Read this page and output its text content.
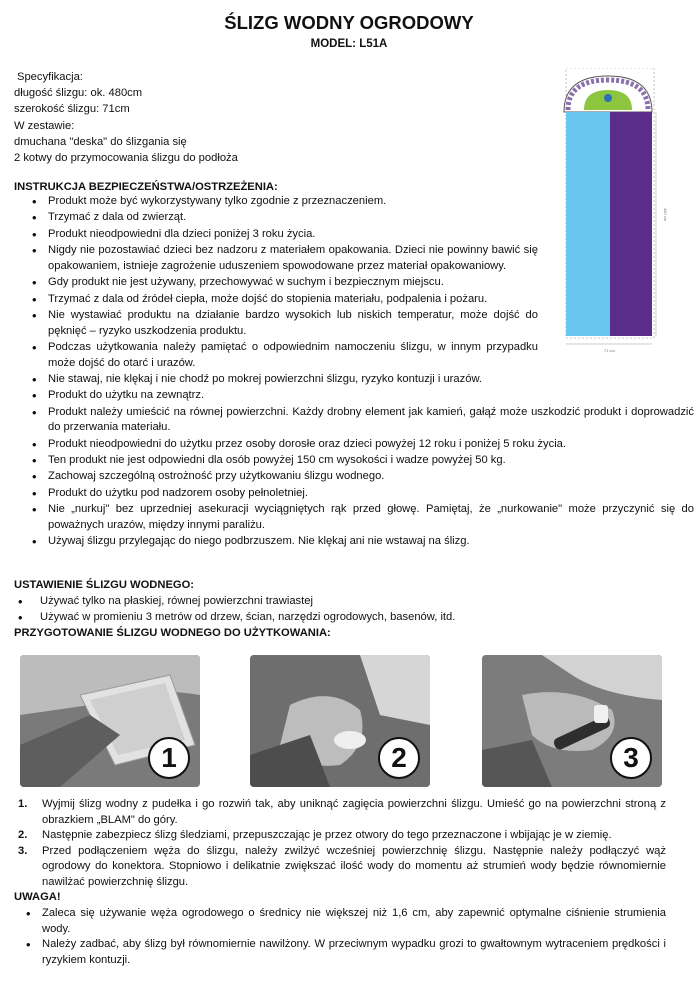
ŚLIZG WODNY OGRODOWY
MODEL: L51A
Specyfikacja:
długość ślizgu: ok. 480cm
szerokość ślizgu: 71cm
W zestawie:
dmuchana "deska" do ślizgania się
2 kotwy do przymocowania ślizgu do podłoża
480 cm
71 cm
INSTRUKCJA BEZPIECZEŃSTWA/OSTRZEŻENIA:
• Produkt może być wykorzystywany tylko zgodnie z przeznaczeniem.
• Trzymać z dala od zwierząt.
• Produkt nieodpowiedni dla dzieci poniżej 3 roku życia.
• Nigdy nie pozostawiać dzieci bez nadzoru z materiałem opakowania. Dzieci nie powinny bawić się opakowaniem, istnieje zagrożenie uduszeniem spowodowane przez materiał opakowaniowy.
• Gdy produkt nie jest używany, przechowywać w suchym i bezpiecznym miejscu.
• Trzymać z dala od źródeł ciepła, może dojść do stopienia materiału, podpalenia i pożaru.
• Nie wystawiać produktu na działanie bardzo wysokich lub niskich temperatur, może dojść do pęknięć – ryzyko uszkodzenia produktu.
• Podczas użytkowania należy pamiętać o odpowiednim namoczeniu ślizgu, w innym przypadku może dojść do otarć i urazów.
• Nie stawaj, nie klękaj i nie chodź po mokrej powierzchni ślizgu, ryzyko kontuzji i urazów.
• Produkt do użytku na zewnątrz.
• Produkt należy umieścić na równej powierzchni. Każdy drobny element jak kamień, gałąź może uszkodzić produkt i doprowadzić do przerwania materiału.
• Produkt nieodpowiedni do użytku przez osoby dorosłe oraz dzieci powyżej 12 roku i poniżej 5 roku życia.
• Ten produkt nie jest odpowiedni dla osób powyżej 150 cm wysokości i wadze powyżej 50 kg.
• Zachowaj szczególną ostrożność przy użytkowaniu ślizgu wodnego.
• Produkt do użytku pod nadzorem osoby pełnoletniej.
• Nie „nurkuj" bez uprzedniej asekuracji wyciągniętych rąk przed głowę. Pamiętaj, że „nurkowanie" może przyczynić się do poważnych urazów, między innymi paraliżu.
• Używaj ślizgu przylegając do niego podbrzuszem. Nie klękaj ani nie wstawaj na ślizg.
USTAWIENIE ŚLIZGU WODNEGO:
• Używać tylko na płaskiej, równej powierzchni trawiastej
• Używać w promieniu 3 metrów od drzew, ścian, narzędzi ogrodowych, basenów, itd.
PRZYGOTOWANIE ŚLIZGU WODNEGO DO UŻYTKOWANIA:
1	2	3
1. Wyjmij ślizg wodny z pudełka i go rozwiń tak, aby uniknąć zagięcia powierzchni ślizgu. Umieść go na powierzchni stroną z obrazkiem „BLAM" do góry.
2. Następnie zabezpiecz ślizg śledziami, przepuszczając je przez otwory do tego przeznaczone i wbijając je w ziemię.
3. Przed podłączeniem węża do ślizgu, należy zwilżyć wcześniej powierzchnię ślizgu. Następnie należy podłączyć wąż ogrodowy do konektora. Stopniowo i delikatnie zwiększać ilość wody do momentu aż strumień wody będzie równomiernie nawilżać powierzchnię ślizgu.
UWAGA!
• Zaleca się używanie węża ogrodowego o średnicy nie większej niż 1,6 cm, aby zapewnić optymalne ciśnienie strumienia wody.
• Należy zadbać, aby ślizg był równomiernie nawilżony. W przeciwnym wypadku grozi to gwałtownym wytraceniem prędkości i ryzykiem kontuzji.
